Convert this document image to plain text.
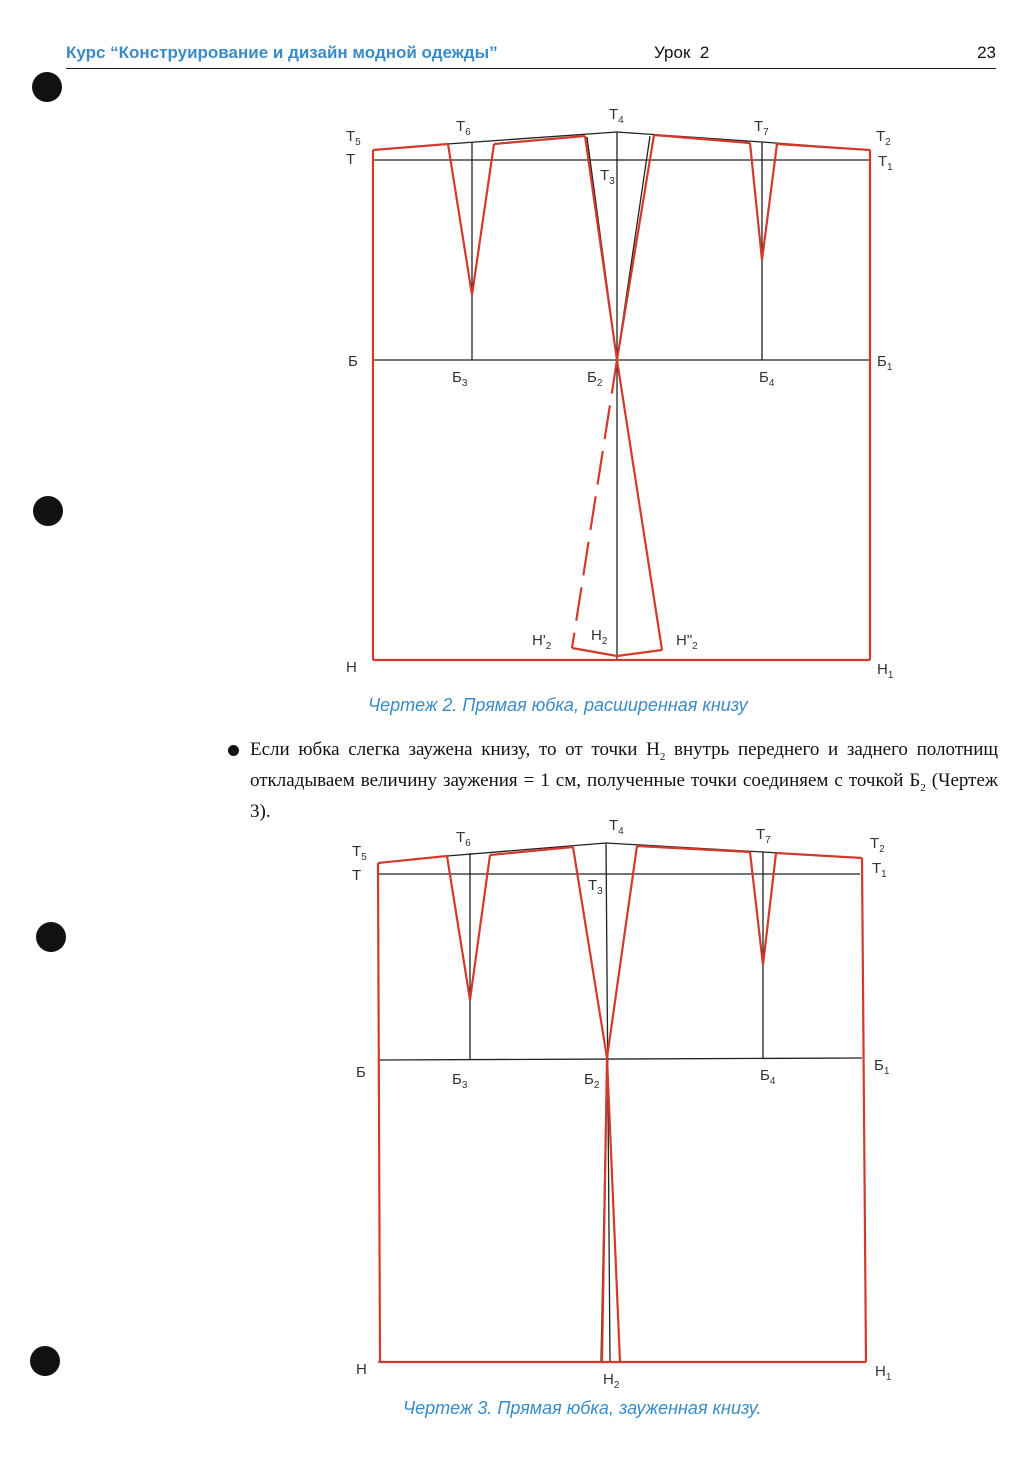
Курс “Конструирование и дизайн модной одежды”	Урок 2	23
$Т_5$
Т
$Т_6$
$Т_4$
$Т_3$
$Т_7$	$Т_2$
$Т_1$
Б
$Б_3$	$Б_2$	$Б_4$
$Б_1$
Н
$Н'_2$
$Н_2$	$Н"_2$
$Н_1$
Чертеж 2. Прямая юбка, расширенная книзу
Если юбка слегка заужена книзу, то от точки $Н_2$ внутрь переднего и заднего полотнищ откладываем величину заужения = 1 см, полученные точки соединяем с точкой $Б_2$ (Чертеж 3).
$Т_5$
Т
$Т_6$
$Т_4$
$Т_3$
$Т_7$	$Т_2$
$Т_1$
Б	$Б_3$	$Б_2$
$Б_4$
$Б_1$
Н
$Н_2$
$Н_1$
Чертеж 3. Прямая юбка, зауженная книзу.
